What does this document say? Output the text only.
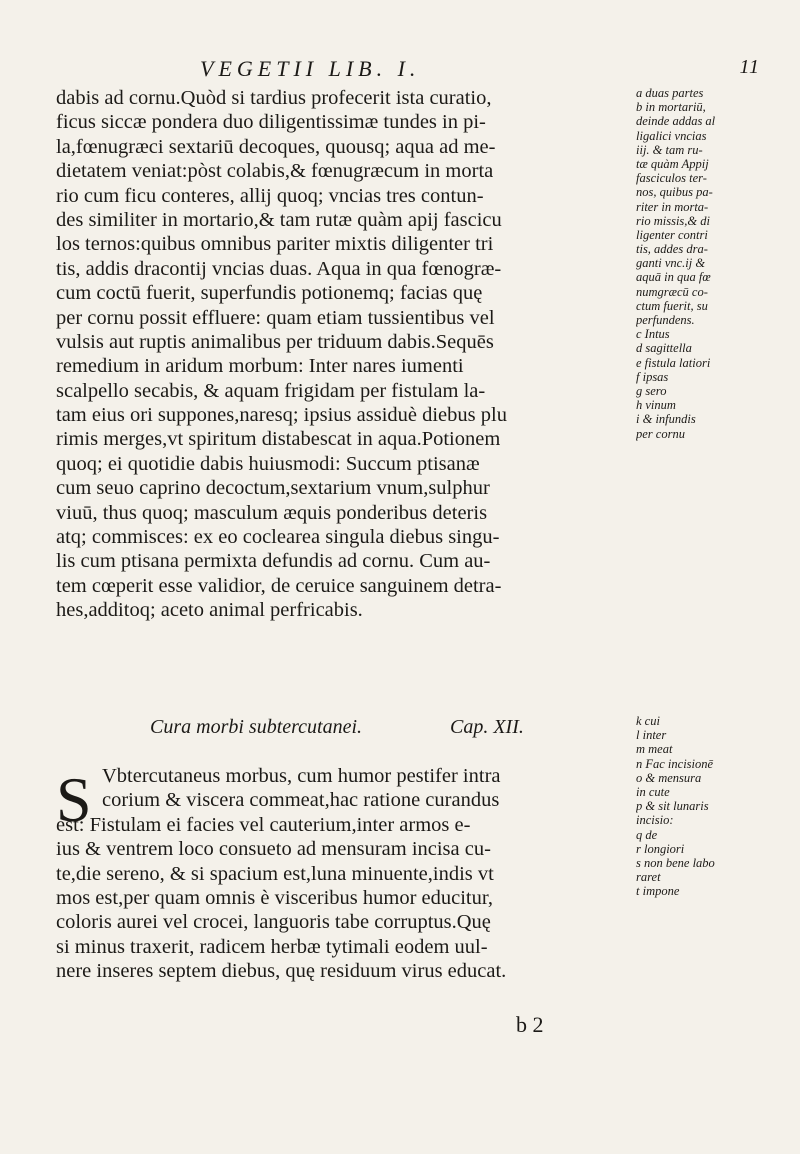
VEGETII LIB. I.	11
dabis ad cornu.Quòd si tardius profecerit ista curatio,
ficus siccæ pondera duo diligentissimæ tundes in pi-
la,fœnugræci sextariū decoques, quousq; aqua ad me-
dietatem veniat:pòst colabis,& fœnugræcum in morta
rio cum ficu conteres, allij quoq; vncias tres contun-
des similiter in mortario,& tam rutæ quàm apij fascicu
los ternos:quibus omnibus pariter mixtis diligenter tri
tis, addis dracontij vncias duas. Aqua in qua fœnogræ-
cum coctū fuerit, superfundis potionemq; facias quę
per cornu possit effluere: quam etiam tussientibus vel
vulsis aut ruptis animalibus per triduum dabis.Sequēs
remedium in aridum morbum: Inter nares iumenti
scalpello secabis, & aquam frigidam per fistulam la-
tam eius ori suppones,naresq; ipsius assiduè diebus plu
rimis merges,vt spiritum distabescat in aqua.Potionem
quoq; ei quotidie dabis huiusmodi: Succum ptisanæ
cum seuo caprino decoctum,sextarium vnum,sulphur
viuū, thus quoq; masculum æquis ponderibus deteris
atq; commisces: ex eo coclearea singula diebus singu-
lis cum ptisana permixta defundis ad cornu. Cum au-
tem cœperit esse validior, de ceruice sanguinem detra-
hes,additoq; aceto animal perfricabis.
a duas partes
b in mortariū,
deinde addas al
ligalici vncias
iij. & tam ru-
tæ quàm Appij
fasciculos ter-
nos, quibus pa-
riter in morta-
rio missis,& di
ligenter contri
tis, addes dra-
ganti vnc.ij &
aquā in qua fœ
numgræcū co-
ctum fuerit, su
perfundens.
c Intus
d sagittella
e fistula latiori
f ipsas
g sero
h vinum
i & infundis
per cornu
Cura morbi subtercutanei.	Cap. XII.
S Vbtercutaneus morbus, cum humor pestifer intra
corium & viscera commeat,hac ratione curandus
est: Fistulam ei facies vel cauterium,inter armos e-
ius & ventrem loco consueto ad mensuram incisa cu-
te,die sereno, & si spacium est,luna minuente,indis vt
mos est,per quam omnis è visceribus humor educitur,
coloris aurei vel crocei, languoris tabe corruptus.Quę
si minus traxerit, radicem herbæ tytimali eodem uul-
nere inseres septem diebus, quę residuum virus educat.
k cui
l inter
m meat
n Fac incisionē
o & mensura
in cute
p & sit lunaris
incisio:
q de
r longiori
s non bene labo
raret
t impone
b 2
